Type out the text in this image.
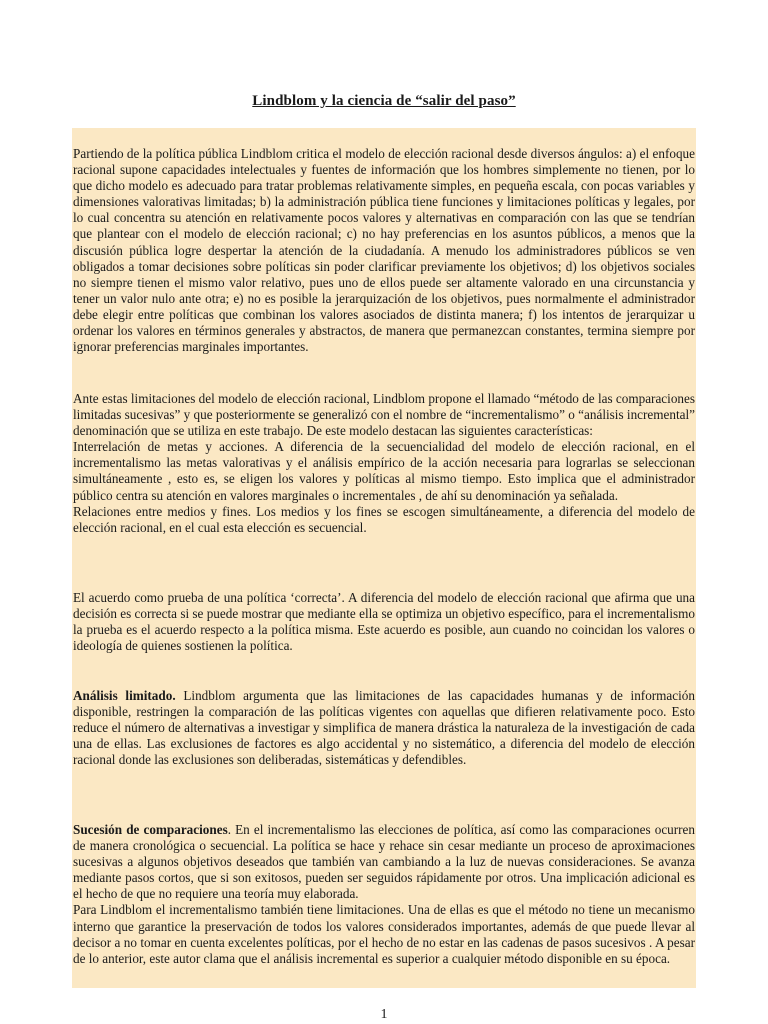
Lindblom y la ciencia de “salir del paso”

Partiendo de la política pública Lindblom critica el modelo de elección racional desde diversos ángulos: a) el enfoque racional supone capacidades intelectuales y fuentes de información que los hombres simplemente no tienen, por lo que dicho modelo es adecuado para tratar problemas relativamente simples, en pequeña escala, con pocas variables y dimensiones valorativas limitadas; b) la administración pública tiene funciones y limitaciones políticas y legales, por lo cual concentra su atención en relativamente pocos valores y alternativas en comparación con las que se tendrían que plantear con el modelo de elección racional; c) no hay preferencias en los asuntos públicos, a menos que la discusión pública logre despertar la atención de la ciudadanía. A menudo los administradores públicos se ven obligados a tomar decisiones sobre políticas sin poder clarificar previamente los objetivos; d) los objetivos sociales no siempre tienen el mismo valor relativo, pues uno de ellos puede ser altamente valorado en una circunstancia y tener un valor nulo ante otra; e) no es posible la jerarquización de los objetivos, pues normalmente el administrador debe elegir entre políticas que combinan los valores asociados de distinta manera; f) los intentos de jerarquizar u ordenar los valores en términos generales y abstractos, de manera que permanezcan constantes, termina siempre por ignorar preferencias marginales importantes.

Ante estas limitaciones del modelo de elección racional, Lindblom propone el llamado “método de las comparaciones limitadas sucesivas” y que posteriormente se generalizó con el nombre de “incrementalismo” o “análisis incremental” denominación que se utiliza en este trabajo. De este modelo destacan las siguientes características:
Interrelación de metas y acciones. A diferencia de la secuencialidad del modelo de elección racional, en el incrementalismo las metas valorativas y el análisis empírico de la acción necesaria para lograrlas se seleccionan simultáneamente , esto es, se eligen los valores y políticas al mismo tiempo. Esto implica que el administrador público centra su atención en valores marginales o incrementales , de ahí su denominación ya señalada.
Relaciones entre medios y fines. Los medios y los fines se escogen simultáneamente, a diferencia del modelo de elección racional, en el cual esta elección es secuencial.

El acuerdo como prueba de una política ‘correcta’. A diferencia del modelo de elección racional que afirma que una decisión es correcta si se puede mostrar que mediante ella se optimiza un objetivo específico, para el incrementalismo la prueba es el acuerdo respecto a la política misma. Este acuerdo es posible, aun cuando no coincidan los valores o ideología de quienes sostienen la política.

Análisis limitado. Lindblom argumenta que las limitaciones de las capacidades humanas y de información disponible, restringen la comparación de las políticas vigentes con aquellas que difieren relativamente poco. Esto reduce el número de alternativas a investigar y simplifica de manera drástica la naturaleza de la investigación de cada una de ellas. Las exclusiones de factores es algo accidental y no sistemático, a diferencia del modelo de elección racional donde las exclusiones son deliberadas, sistemáticas y defendibles.

Sucesión de comparaciones. En el incrementalismo las elecciones de política, así como las comparaciones ocurren de manera cronológica o secuencial. La política se hace y rehace sin cesar mediante un proceso de aproximaciones sucesivas a algunos objetivos deseados que también van cambiando a la luz de nuevas consideraciones. Se avanza mediante pasos cortos, que si son exitosos, pueden ser seguidos rápidamente por otros. Una implicación adicional es el hecho de que no requiere una teoría muy elaborada.
Para Lindblom el incrementalismo también tiene limitaciones. Una de ellas es que el método no tiene un mecanismo interno que garantice la preservación de todos los valores considerados importantes, además de que puede llevar al decisor a no tomar en cuenta excelentes políticas, por el hecho de no estar en las cadenas de pasos sucesivos . A pesar de lo anterior, este autor clama que el análisis incremental es superior a cualquier método disponible en su época.

1
